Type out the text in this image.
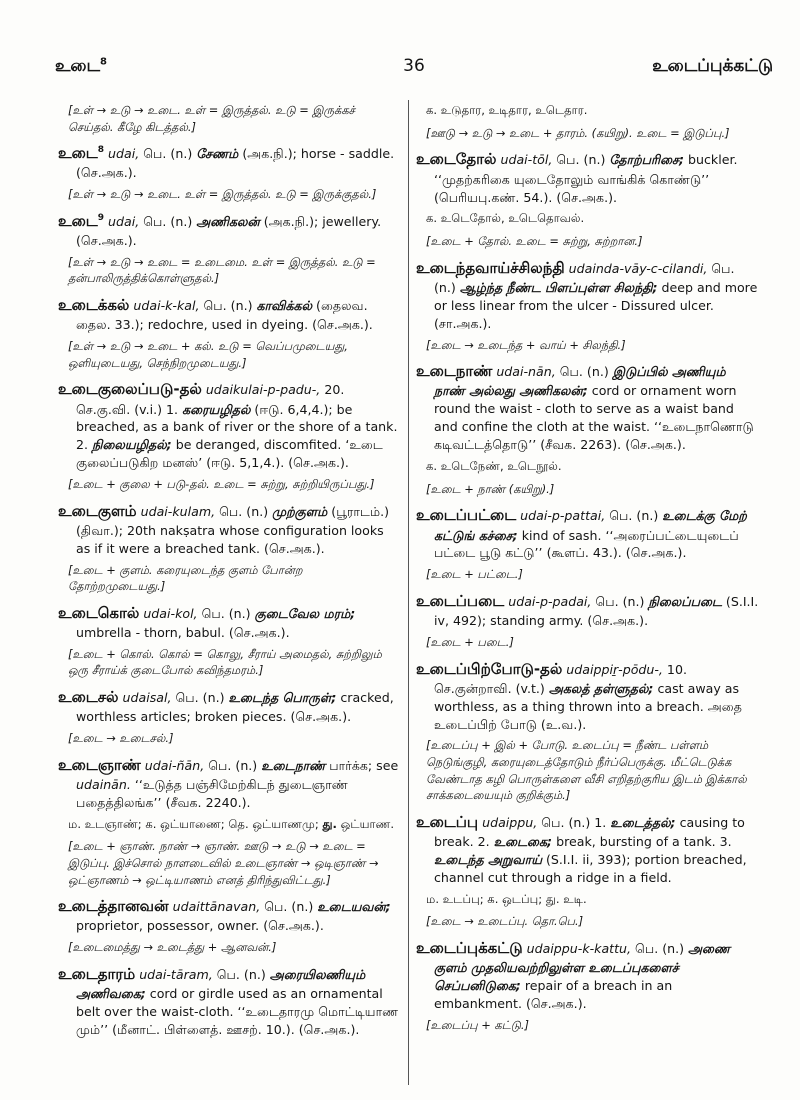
உடை$^8$	36	உடைப்புக்கட்டு
[உள் → உடு → உடை. உள் = இருத்தல். உடு = இருக்கச் செய்தல். கீழே கிடத்தல்.]
உடை$^8$ udai, பெ. (n.) சேணம் (அக.நி.); horse - saddle. (செ.அக.).
[உள் → உடு → உடை. உள் = இருத்தல். உடு = இருக்குதல்.]
உடை$^9$ udai, பெ. (n.) அணிகலன் (அக.நி.); jewellery. (செ.அக.).
[உள் → உடு → உடை = உடைமை. உள் = இருத்தல். உடு = தன்பாலிருத்திக்கொள்ளுதல்.]
உடைக்கல் udai-k-kal, பெ. (n.) காவிக்கல் (தைலவ. தைல. 33.); redochre, used in dyeing. (செ.அக.).
[உள் → உடு → உடை + கல். உடு = வெப்பமுடையது, ஒளியுடையது, செந்நிறமுடையது.]
உடைகுலைப்படு-தல் udaikulai-p-padu-, 20. செ.கு.வி. (v.i.) 1. கரையழிதல் (ஈடு. 6,4,4.); be breached, as a bank of river or the shore of a tank. 2. நிலையழிதல்; be deranged, discomfited. ‘உடை குலைப்படுகிற மனஸ்’ (ஈடு. 5,1,4.). (செ.அக.).
[உடை + குலை + படு-தல். உடை = சுற்று, சுற்றியிருப்பது.]
உடைகுளம் udai-kulam, பெ. (n.) முற்குளம் (பூராடம்.) (திவா.); 20th nakṣatra whose configuration looks as if it were a breached tank. (செ.அக.).
[உடை + குளம். கரையுடைந்த குளம் போன்ற தோற்றமுடையது.]
உடைகொல் udai-kol, பெ. (n.) குடைவேல மரம்; umbrella - thorn, babul. (செ.அக.).
[உடை + கொல். கொல் = கொலு, சீராய் அமைதல், சுற்றிலும் ஒரு சீராய்க் குடைபோல் கவிந்தமரம்.]
உடைசல் udaisal, பெ. (n.) உடைந்த பொருள்; cracked, worthless articles; broken pieces. (செ.அக.).
[உடை → உடைசல்.]
உடைஞாண் udai-ñān, பெ. (n.) உடைநாண் பார்க்க; see udainān. ‘‘உடுத்த பஞ்சிமேற்கிடந் துடைஞாண் பதைத்திலங்க’’ (சீவக. 2240.).
ம. உடஞாண்; க. ஒட்யாணை; தெ. ஒட்யாணமு; து. ஒட்யாண.
[உடை + ஞாண். நாண் → ஞாண். ஊடு → உடு → உடை = இடுப்பு. இச்சொல் நாளடைவில் உடைஞாண் → ஒடிஞாண் → ஒட்ஞாணம் → ஒட்டியாணம் எனத் திரிந்துவிட்டது.]
உடைத்தானவன் udaittānavan, பெ. (n.) உடையவன்; proprietor, possessor, owner. (செ.அக.).
[உடைமைத்து → உடைத்து + ஆனவன்.]
உடைதாரம் udai-tāram, பெ. (n.) அரையிலணியும் அணிவகை; cord or girdle used as an ornamental belt over the waist-cloth. ‘‘உடைதாரமு மொட்டியாண மும்’’ (மீனாட். பிள்ளைத். ஊசற். 10.). (செ.அக.).
க. உடுதார, உடிதார, உடெதார.
[ஊடு → உடு → உடை + தாரம். (கயிறு). உடை = இடுப்பு.]
உடைதோல் udai-tōl, பெ. (n.) தோற்பரிசை; buckler. ‘‘முதற்கரிகை யுடைதோலும் வாங்கிக் கொண்டு’’ (பெரியபு.கண். 54.). (செ.அக.).
க. உடெதோல், உடெதொவல்.
[உடை + தோல். உடை = சுற்று, சுற்றான.]
உடைந்தவாய்ச்சிலந்தி udainda-vāy-c-cilandi, பெ. (n.) ஆழ்ந்த நீண்ட பிளப்புள்ள சிலந்தி; deep and more or less linear from the ulcer - Dissured ulcer. (சா.அக.).
[உடை → உடைந்த + வாய் + சிலந்தி.]
உடைநாண் udai-nān, பெ. (n.) இடுப்பில் அணியும் நாண் அல்லது அணிகலன்; cord or ornament worn round the waist - cloth to serve as a waist band and confine the cloth at the waist. ‘‘உடைநாணொடு கடிவட்டத்தொடு’’ (சீவக. 2263). (செ.அக.).
க. உடெநேண், உடெநூல்.
[உடை + நாண் (கயிறு).]
உடைப்பட்டை udai-p-pattai, பெ. (n.) உடைக்கு மேற் கட்டுங் கச்சை; kind of sash. ‘‘அரைப்பட்டையுடைப் பட்டை பூடு கட்டு’’ (கூளப். 43.). (செ.அக.).
[உடை + பட்டை.]
உடைப்படை udai-p-padai, பெ. (n.) நிலைப்படை (S.I.I. iv, 492); standing army. (செ.அக.).
[உடை + படை.]
உடைப்பிற்போடு-தல் udaippiṟ-pōdu-, 10. செ.குன்றாவி. (v.t.) அகலத் தள்ளுதல்; cast away as worthless, as a thing thrown into a breach. அதை உடைப்பிற் போடு (உ.வ.).
[உடைப்பு + இல் + போடு. உடைப்பு = நீண்ட பள்ளம் நெடுங்குழி, கரையுடைத்தோடும் நீர்ப்பெருக்கு. மீட்டெடுக்க வேண்டாத கழி பொருள்களை வீசி எறிதற்குரிய இடம் இக்கால் சாக்கடையையும் குறிக்கும்.]
உடைப்பு udaippu, பெ. (n.) 1. உடைத்தல்; causing to break. 2. உடைகை; break, bursting of a tank. 3. உடைந்த அறுவாய் (S.I.I. ii, 393); portion breached, channel cut through a ridge in a field.
ம. உடப்பு; க. ஒடப்பு; து. உடி.
[உடை → உடைப்பு. தொ.பெ.]
உடைப்புக்கட்டு udaippu-k-kattu, பெ. (n.) அணை குளம் முதலியவற்றிலுள்ள உடைப்புகளைச் செப்பனிடுகை; repair of a breach in an embankment. (செ.அக.).
[உடைப்பு + கட்டு.]
